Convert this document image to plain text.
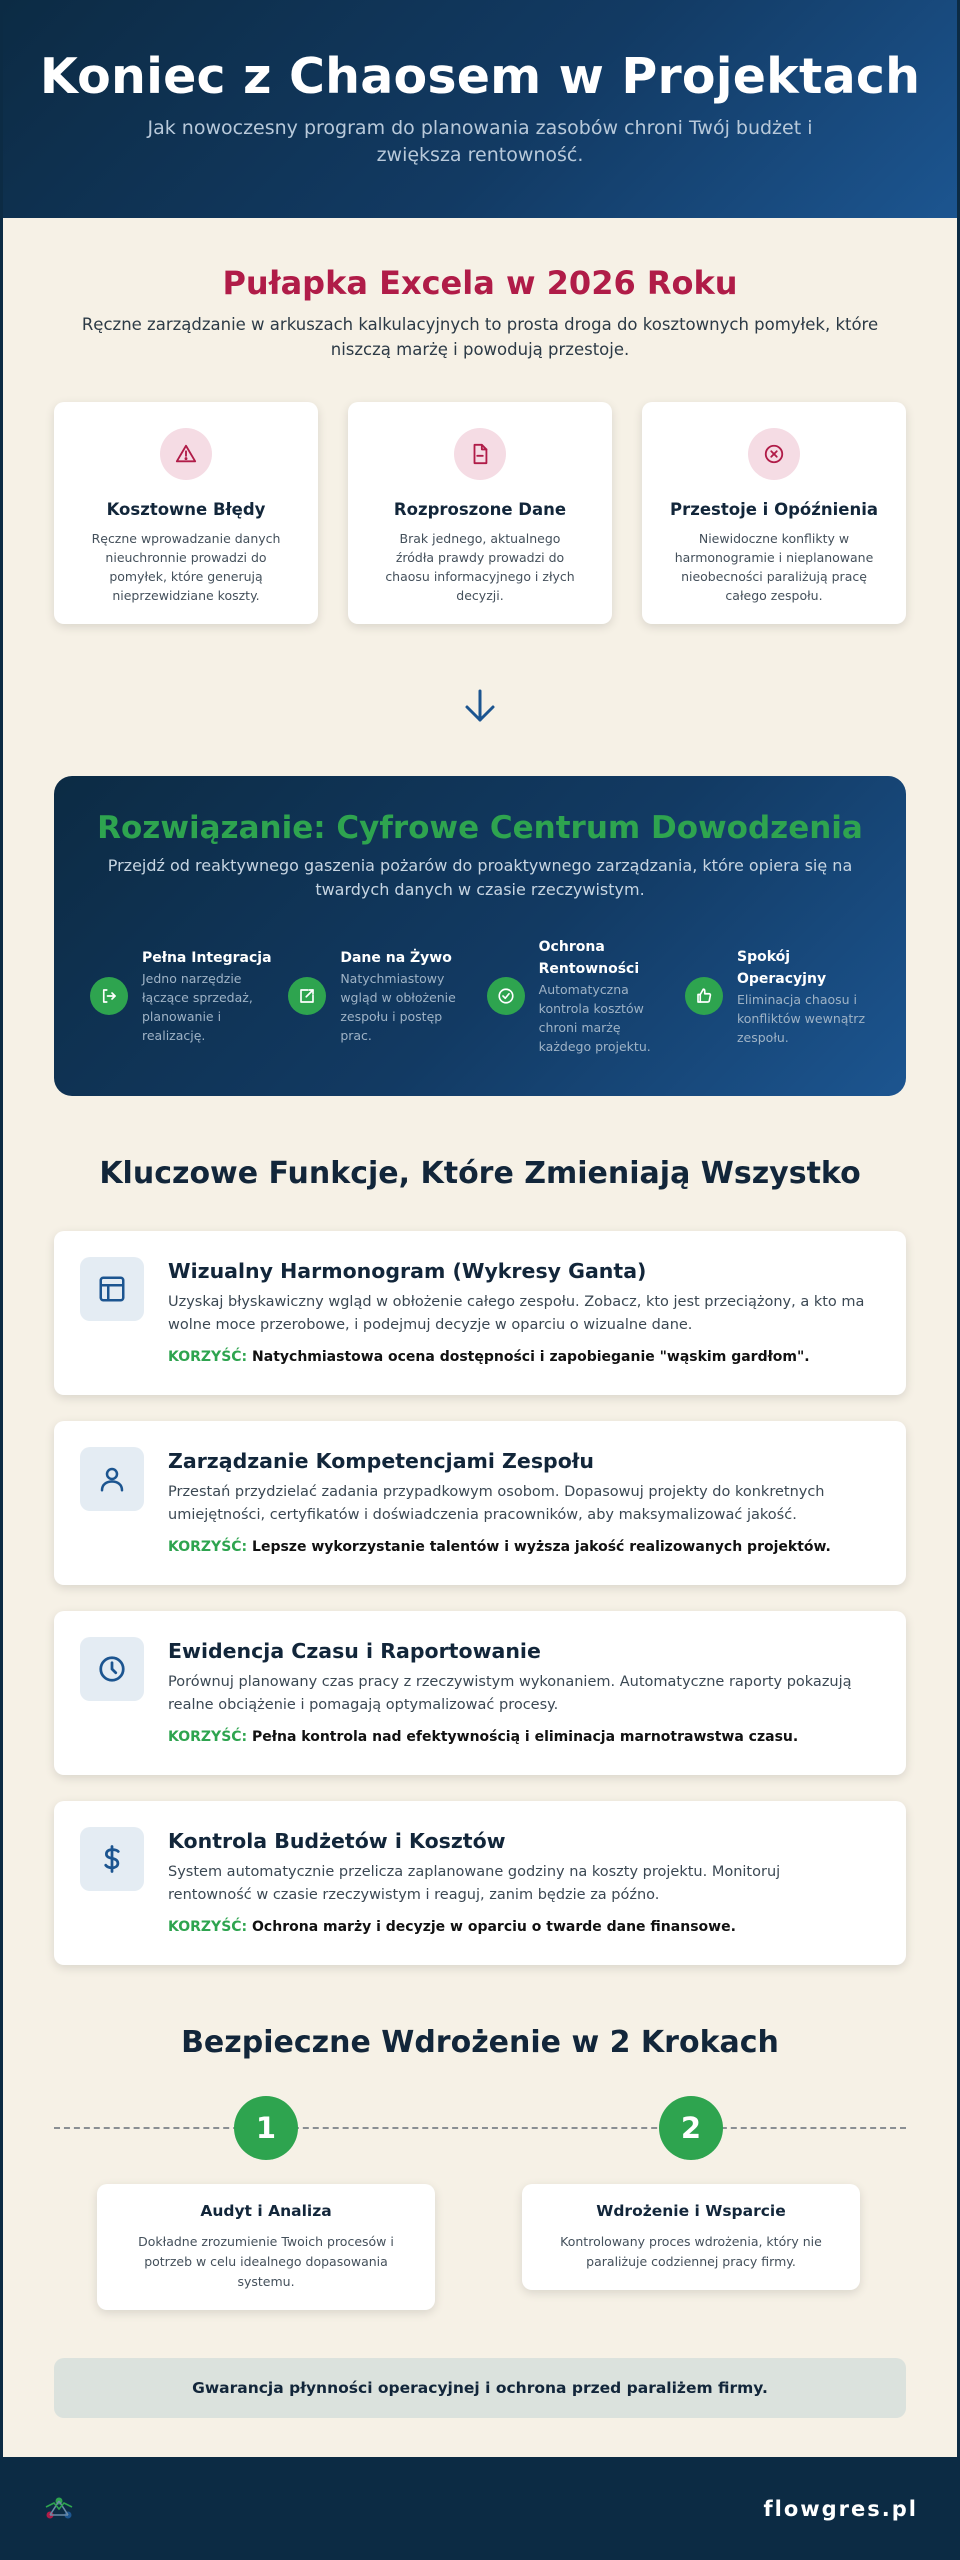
Koniec z Chaosem w Projektach

Jak nowoczesny program do planowania zasobów chroni Twój budżet i zwiększa rentowność.

Pułapka Excela w 2026 Roku

Ręczne zarządzanie w arkuszach kalkulacyjnych to prosta droga do kosztownych pomyłek, które niszczą marżę i powodują przestoje.

Kosztowne Błędy

Ręczne wprowadzanie danych nieuchronnie prowadzi do pomyłek, które generują nieprzewidziane koszty.

Rozproszone Dane

Brak jednego, aktualnego źródła prawdy prowadzi do chaosu informacyjnego i złych decyzji.

Przestoje i Opóźnienia

Niewidoczne konflikty w harmonogramie i nieplanowane nieobecności paraliżują pracę całego zespołu.

Rozwiązanie: Cyfrowe Centrum Dowodzenia

Przejdź od reaktywnego gaszenia pożarów do proaktywnego zarządzania, które opiera się na twardych danych w czasie rzeczywistym.

Pełna Integracja
Jedno narzędzie łączące sprzedaż, planowanie i realizację.
Dane na Żywo
Natychmiastowy wgląd w obłożenie zespołu i postęp prac.
Ochrona Rentowności
Automatyczna kontrola kosztów chroni marżę każdego projektu.
Spokój Operacyjny
Eliminacja chaosu i konfliktów wewnątrz zespołu.
Kluczowe Funkcje, Które Zmieniają Wszystko
Wizualny Harmonogram (Wykresy Ganta)

Uzyskaj błyskawiczny wgląd w obłożenie całego zespołu. Zobacz, kto jest przeciążony, a kto ma wolne moce przerobowe, i podejmuj decyzje w oparciu o wizualne dane.

KORZYŚĆ: Natychmiastowa ocena dostępności i zapobieganie "wąskim gardłom".
Zarządzanie Kompetencjami Zespołu

Przestań przydzielać zadania przypadkowym osobom. Dopasowuj projekty do konkretnych umiejętności, certyfikatów i doświadczenia pracowników, aby maksymalizować jakość.

KORZYŚĆ: Lepsze wykorzystanie talentów i wyższa jakość realizowanych projektów.
Ewidencja Czasu i Raportowanie

Porównuj planowany czas pracy z rzeczywistym wykonaniem. Automatyczne raporty pokazują realne obciążenie i pomagają optymalizować procesy.

KORZYŚĆ: Pełna kontrola nad efektywnością i eliminacja marnotrawstwa czasu.
Kontrola Budżetów i Kosztów

System automatycznie przelicza zaplanowane godziny na koszty projektu. Monitoruj rentowność w czasie rzeczywistym i reaguj, zanim będzie za późno.

KORZYŚĆ: Ochrona marży i decyzje w oparciu o twarde dane finansowe.
Bezpieczne Wdrożenie w 2 Krokach
1
Audyt i Analiza

Dokładne zrozumienie Twoich procesów i potrzeb w celu idealnego dopasowania systemu.

2
Wdrożenie i Wsparcie

Kontrolowany proces wdrożenia, który nie paraliżuje codziennej pracy firmy.

Gwarancja płynności operacyjnej i ochrona przed paraliżem firmy.
flowgres.pl
